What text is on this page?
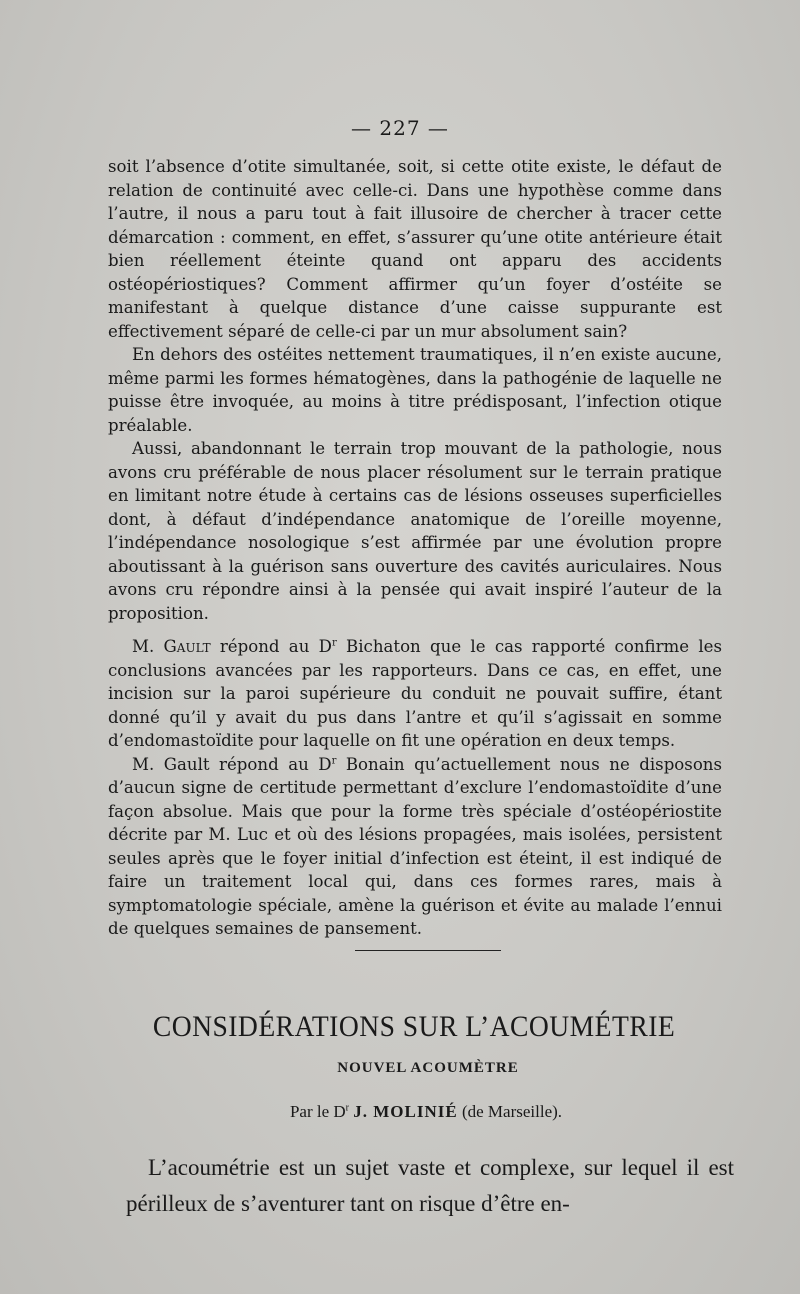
— 227 —

soit l’absence d’otite simultanée, soit, si cette otite existe, le défaut de relation de continuité avec celle-ci. Dans une hypothèse comme dans l’autre, il nous a paru tout à fait illusoire de chercher à tracer cette démarcation : comment, en effet, s’assurer qu’une otite antérieure était bien réellement éteinte quand ont apparu des accidents ostéopériostiques? Comment affirmer qu’un foyer d’ostéite se manifestant à quelque distance d’une caisse suppurante est effectivement séparé de celle-ci par un mur absolument sain?

En dehors des ostéites nettement traumatiques, il n’en existe aucune, même parmi les formes hématogènes, dans la pathogénie de laquelle ne puisse être invoquée, au moins à titre prédisposant, l’infection otique préalable.

Aussi, abandonnant le terrain trop mouvant de la pathologie, nous avons cru préférable de nous placer résolument sur le terrain pratique en limitant notre étude à certains cas de lésions osseuses superficielles dont, à défaut d’indépendance anatomique de l’oreille moyenne, l’indépendance nosologique s’est affirmée par une évolution propre aboutissant à la guérison sans ouverture des cavités auriculaires. Nous avons cru répondre ainsi à la pensée qui avait inspiré l’auteur de la proposition.

M. Gault répond au $D^r$ Bichaton que le cas rapporté confirme les conclusions avancées par les rapporteurs. Dans ce cas, en effet, une incision sur la paroi supérieure du conduit ne pouvait suffire, étant donné qu’il y avait du pus dans l’antre et qu’il s’agissait en somme d’endomastoïdite pour laquelle on fit une opération en deux temps.

M. Gault répond au $D^r$ Bonain qu’actuellement nous ne disposons d’aucun signe de certitude permettant d’exclure l’endomastoïdite d’une façon absolue. Mais que pour la forme très spéciale d’ostéopériostite décrite par M. Luc et où des lésions propagées, mais isolées, persistent seules après que le foyer initial d’infection est éteint, il est indiqué de faire un traitement local qui, dans ces formes rares, mais à symptomatologie spéciale, amène la guérison et évite au malade l’ennui de quelques semaines de pansement.

CONSIDÉRATIONS SUR L’ACOUMÉTRIE
NOUVEL ACOUMÈTRE
Par le $D^r$ J. MOLINIÉ (de Marseille).

L’acoumétrie est un sujet vaste et complexe, sur lequel il est périlleux de s’aventurer tant on risque d’être en-
